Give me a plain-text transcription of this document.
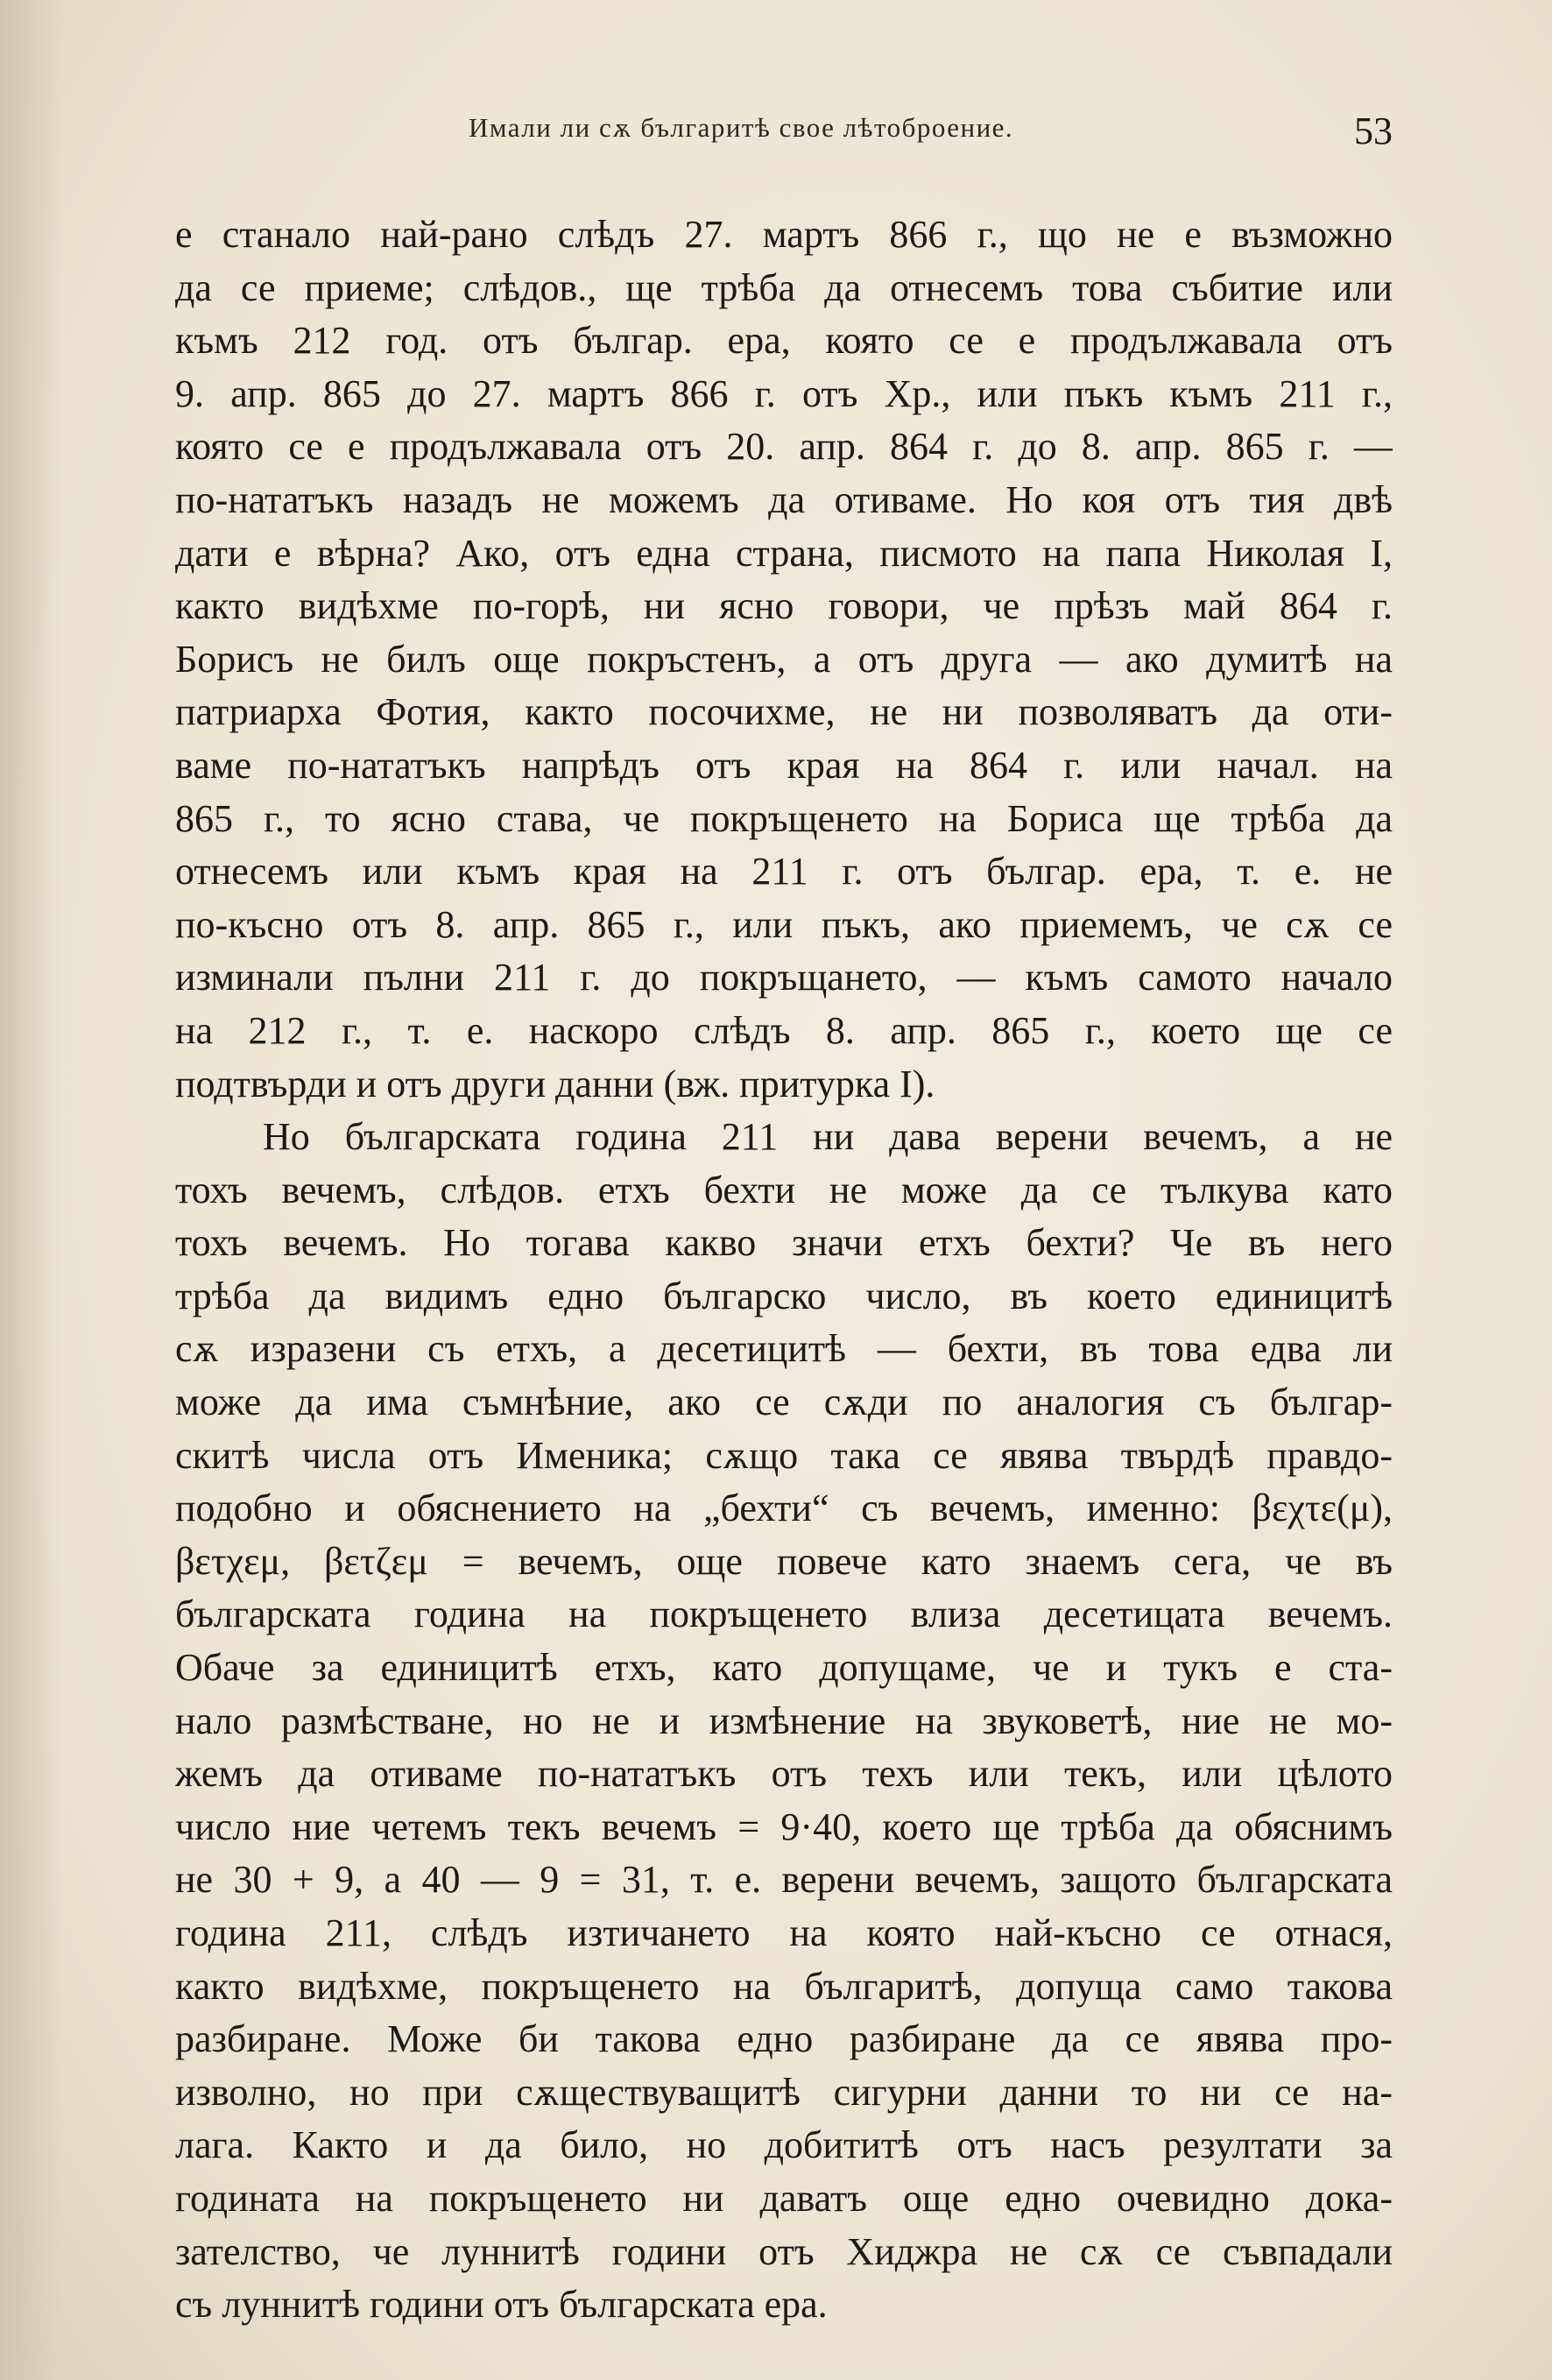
Имали ли сѫ българитѣ свое лѣтоброение.	53
е станало най-рано слѣдъ 27. мартъ 866 г., що не е възможно
да се приеме; слѣдов., ще трѣба да отнесемъ това събитие или
къмъ 212 год. отъ българ. ера, която се е продължавала отъ
9. апр. 865 до 27. мартъ 866 г. отъ Хр., или пъкъ къмъ 211 г.,
която се е продължавала отъ 20. апр. 864 г. до 8. апр. 865 г. —
по-нататъкъ назадъ не можемъ да отиваме. Но коя отъ тия двѣ
дати е вѣрна? Ако, отъ една страна, писмото на папа Николая I,
както видѣхме по-горѣ, ни ясно говори, че прѣзъ май 864 г.
Борисъ не билъ още покръстенъ, а отъ друга — ако думитѣ на
патриарха Фотия, както посочихме, не ни позволяватъ да оти-
ваме по-нататъкъ напрѣдъ отъ края на 864 г. или начал. на
865 г., то ясно става, че покръщенето на Бориса ще трѣба да
отнесемъ или къмъ края на 211 г. отъ българ. ера, т. е. не
по-късно отъ 8. апр. 865 г., или пъкъ, ако приемемъ, че сѫ се
изминали пълни 211 г. до покръщането, — къмъ самото начало
на 212 г., т. е. наскоро слѣдъ 8. апр. 865 г., което ще се
подтвърди и отъ други данни (вж. притурка I).
Но българската година 211 ни дава верени вечемъ, а не
тохъ вечемъ, слѣдов. етхъ бехти не може да се тълкува като
тохъ вечемъ. Но тогава какво значи етхъ бехти? Че въ него
трѣба да видимъ едно българско число, въ което единицитѣ
сѫ изразени съ етхъ, а десетицитѣ — бехти, въ това едва ли
може да има съмнѣние, ако се сѫди по аналогия съ българ-
скитѣ числа отъ Именика; сѫщо така се явява твърдѣ правдо-
подобно и обяснението на „бехти“ съ вечемъ, именно: βεχτε(μ),
βετχεμ, βετζεμ = вечемъ, още повече като знаемъ сега, че въ
българската година на покръщенето влиза десетицата вечемъ.
Обаче за единицитѣ етхъ, като допущаме, че и тукъ е ста-
нало размѣстване, но не и измѣнение на звуковетѣ, ние не мо-
жемъ да отиваме по-нататъкъ отъ техъ или текъ, или цѣлото
число ние четемъ текъ вечемъ = 9·40, което ще трѣба да обяснимъ
не 30 + 9, а 40 — 9 = 31, т. е. верени вечемъ, защото българската
година 211, слѣдъ изтичането на която най-късно се отнася,
както видѣхме, покръщенето на българитѣ, допуща само такова
разбиране. Може би такова едно разбиране да се явява про-
изволно, но при сѫществуващитѣ сигурни данни то ни се на-
лага. Както и да било, но добититѣ отъ насъ резултати за
годината на покръщенето ни даватъ още едно очевидно дока-
зателство, че луннитѣ години отъ Хиджра не сѫ се съвпадали
съ луннитѣ години отъ българската ера.
